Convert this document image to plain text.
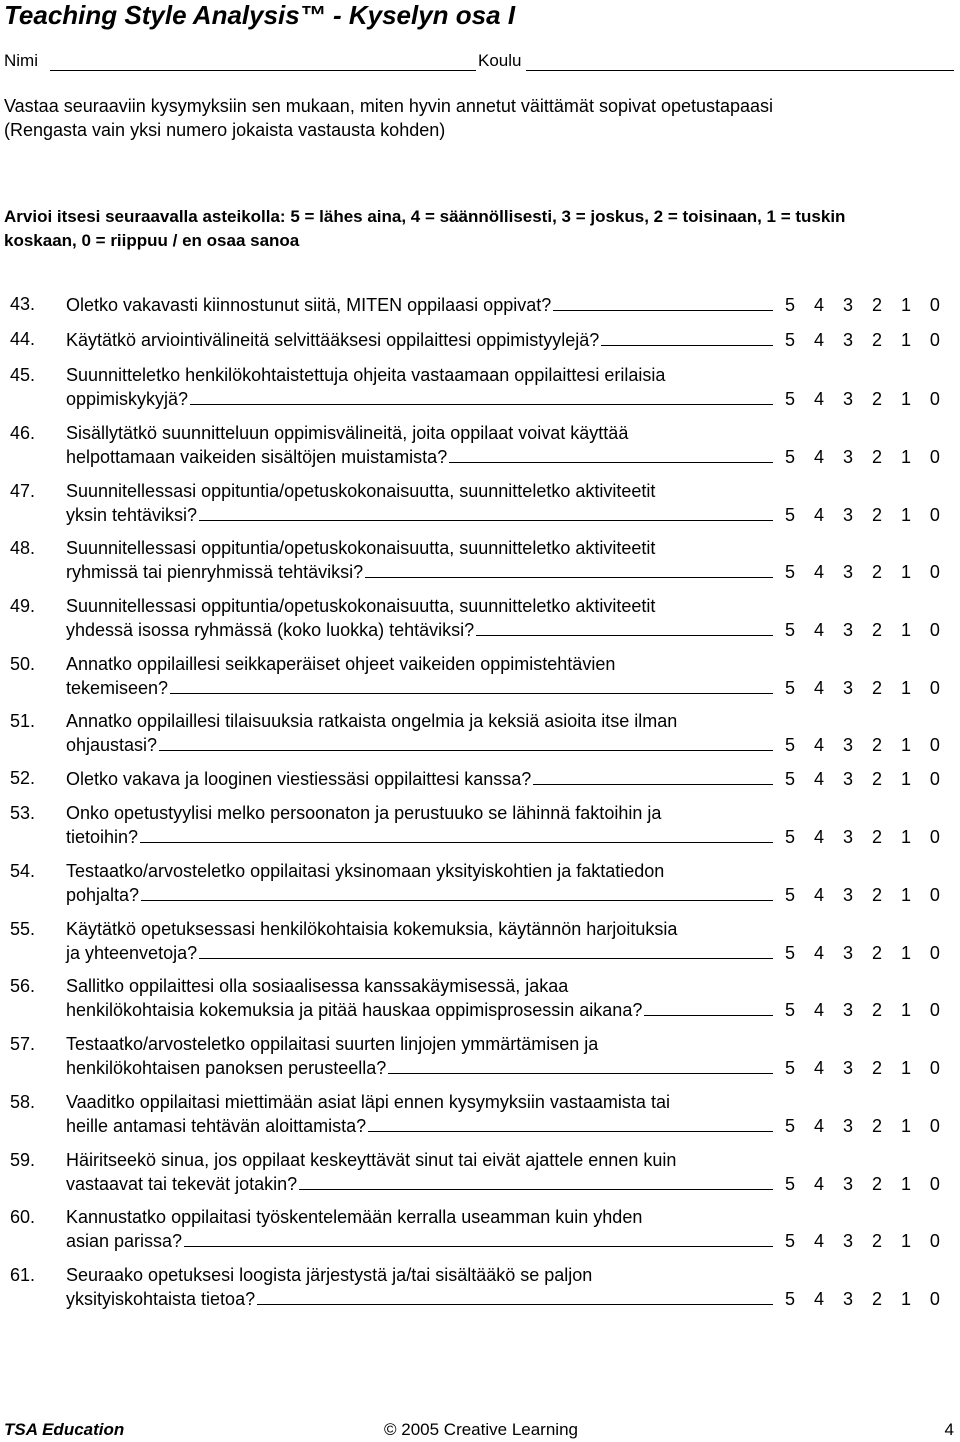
Teaching Style Analysis™ - Kyselyn osa I
Nimi	Koulu
Vastaa seuraaviin kysymyksiin sen mukaan, miten hyvin annetut väittämät sopivat opetustapaasi
(Rengasta vain yksi numero jokaista vastausta kohden)
Arvioi itsesi seuraavalla asteikolla: 5 = lähes aina, 4 = säännöllisesti, 3 = joskus, 2 = toisinaan, 1 = tuskin
koskaan, 0 = riippuu / en osaa sanoa
43. Oletko vakavasti kiinnostunut siitä, MITEN oppilaasi oppivat?	5 4 3 2 1 0
44. Käytätkö arviointivälineitä selvittääksesi oppilaittesi oppimistyylejä?	5 4 3 2 1 0
45. Suunnitteletko henkilökohtaistettuja ohjeita vastaamaan oppilaittesi erilaisia
oppimiskykyjä?	5 4 3 2 1 0
46. Sisällytätkö suunnitteluun oppimisvälineitä, joita oppilaat voivat käyttää
helpottamaan vaikeiden sisältöjen muistamista?	5 4 3 2 1 0
47. Suunnitellessasi oppituntia/opetuskokonaisuutta, suunnitteletko aktiviteetit
yksin tehtäviksi?	5 4 3 2 1 0
48. Suunnitellessasi oppituntia/opetuskokonaisuutta, suunnitteletko aktiviteetit
ryhmissä tai pienryhmissä tehtäviksi?	5 4 3 2 1 0
49. Suunnitellessasi oppituntia/opetuskokonaisuutta, suunnitteletko aktiviteetit
yhdessä isossa ryhmässä (koko luokka) tehtäviksi?	5 4 3 2 1 0
50. Annatko oppilaillesi seikkaperäiset ohjeet vaikeiden oppimistehtävien
tekemiseen?	5 4 3 2 1 0
51. Annatko oppilaillesi tilaisuuksia ratkaista ongelmia ja keksiä asioita itse ilman
ohjaustasi?	5 4 3 2 1 0
52. Oletko vakava ja looginen viestiessäsi oppilaittesi kanssa?	5 4 3 2 1 0
53. Onko opetustyylisi melko persoonaton ja perustuuko se lähinnä faktoihin ja
tietoihin?	5 4 3 2 1 0
54. Testaatko/arvosteletko oppilaitasi yksinomaan yksityiskohtien ja faktatiedon
pohjalta?	5 4 3 2 1 0
55. Käytätkö opetuksessasi henkilökohtaisia kokemuksia, käytännön harjoituksia
ja yhteenvetoja?	5 4 3 2 1 0
56. Sallitko oppilaittesi olla sosiaalisessa kanssakäymisessä, jakaa
henkilökohtaisia kokemuksia ja pitää hauskaa oppimisprosessin aikana?	5 4 3 2 1 0
57. Testaatko/arvosteletko oppilaitasi suurten linjojen ymmärtämisen ja
henkilökohtaisen panoksen perusteella?	5 4 3 2 1 0
58. Vaaditko oppilaitasi miettimään asiat läpi ennen kysymyksiin vastaamista tai
heille antamasi tehtävän aloittamista?	5 4 3 2 1 0
59. Häiritseekö sinua, jos oppilaat keskeyttävät sinut tai eivät ajattele ennen kuin
vastaavat tai tekevät jotakin?	5 4 3 2 1 0
60. Kannustatko oppilaitasi työskentelemään kerralla useamman kuin yhden
asian parissa?	5 4 3 2 1 0
61. Seuraako opetuksesi loogista järjestystä ja/tai sisältääkö se paljon
yksityiskohtaista tietoa?	5 4 3 2 1 0
TSA Education	© 2005 Creative Learning	4
